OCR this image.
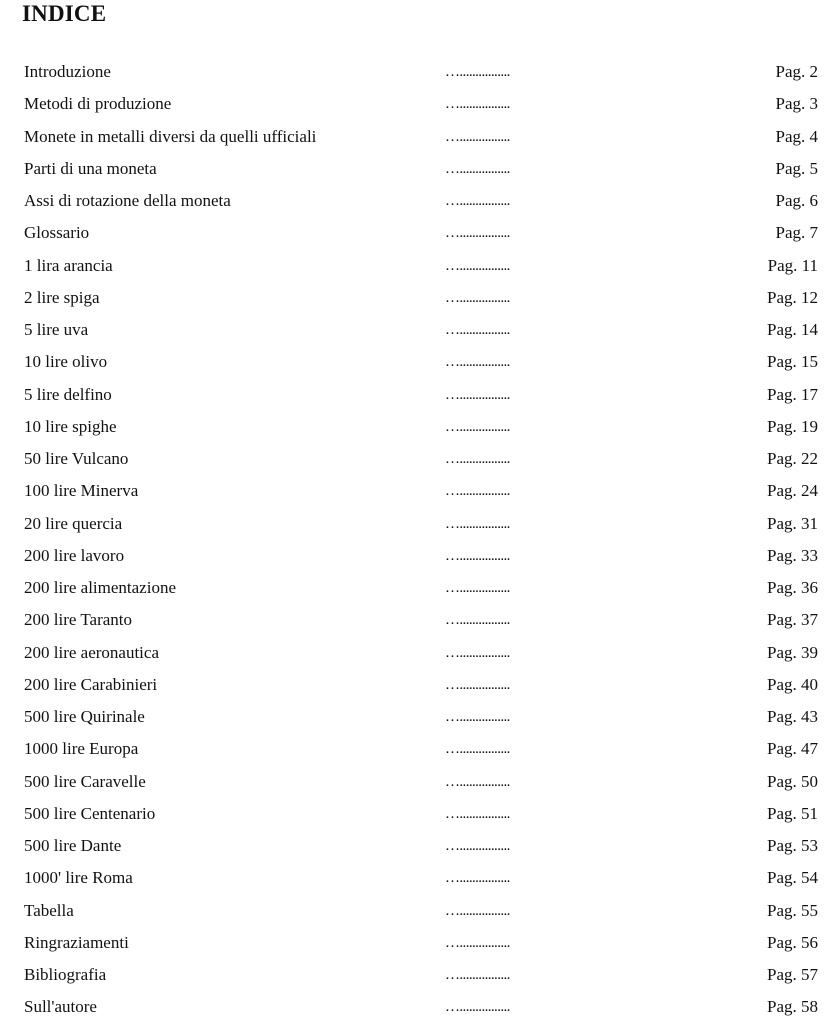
INDICE
Introduzione	…................	Pag. 2
Metodi di produzione	…................	Pag. 3
Monete in metalli diversi da quelli ufficiali	…................	Pag. 4
Parti di una moneta	…................	Pag. 5
Assi di rotazione della moneta	…................	Pag. 6
Glossario	…................	Pag. 7
1 lira arancia	…................	Pag. 11
2 lire spiga	…................	Pag. 12
5 lire uva	…................	Pag. 14
10 lire olivo	…................	Pag. 15
5 lire delfino	…................	Pag. 17
10 lire spighe	…................	Pag. 19
50 lire Vulcano	…................	Pag. 22
100 lire Minerva	…................	Pag. 24
20 lire quercia	…................	Pag. 31
200 lire lavoro	…................	Pag. 33
200 lire alimentazione	…................	Pag. 36
200 lire Taranto	…................	Pag. 37
200 lire aeronautica	…................	Pag. 39
200 lire Carabinieri	…................	Pag. 40
500 lire Quirinale	…................	Pag. 43
1000 lire Europa	…................	Pag. 47
500 lire Caravelle	…................	Pag. 50
500 lire Centenario	…................	Pag. 51
500 lire Dante	…................	Pag. 53
1000' lire Roma	…................	Pag. 54
Tabella	…................	Pag. 55
Ringraziamenti	…................	Pag. 56
Bibliografia	…................	Pag. 57
Sull'autore	…................	Pag. 58
